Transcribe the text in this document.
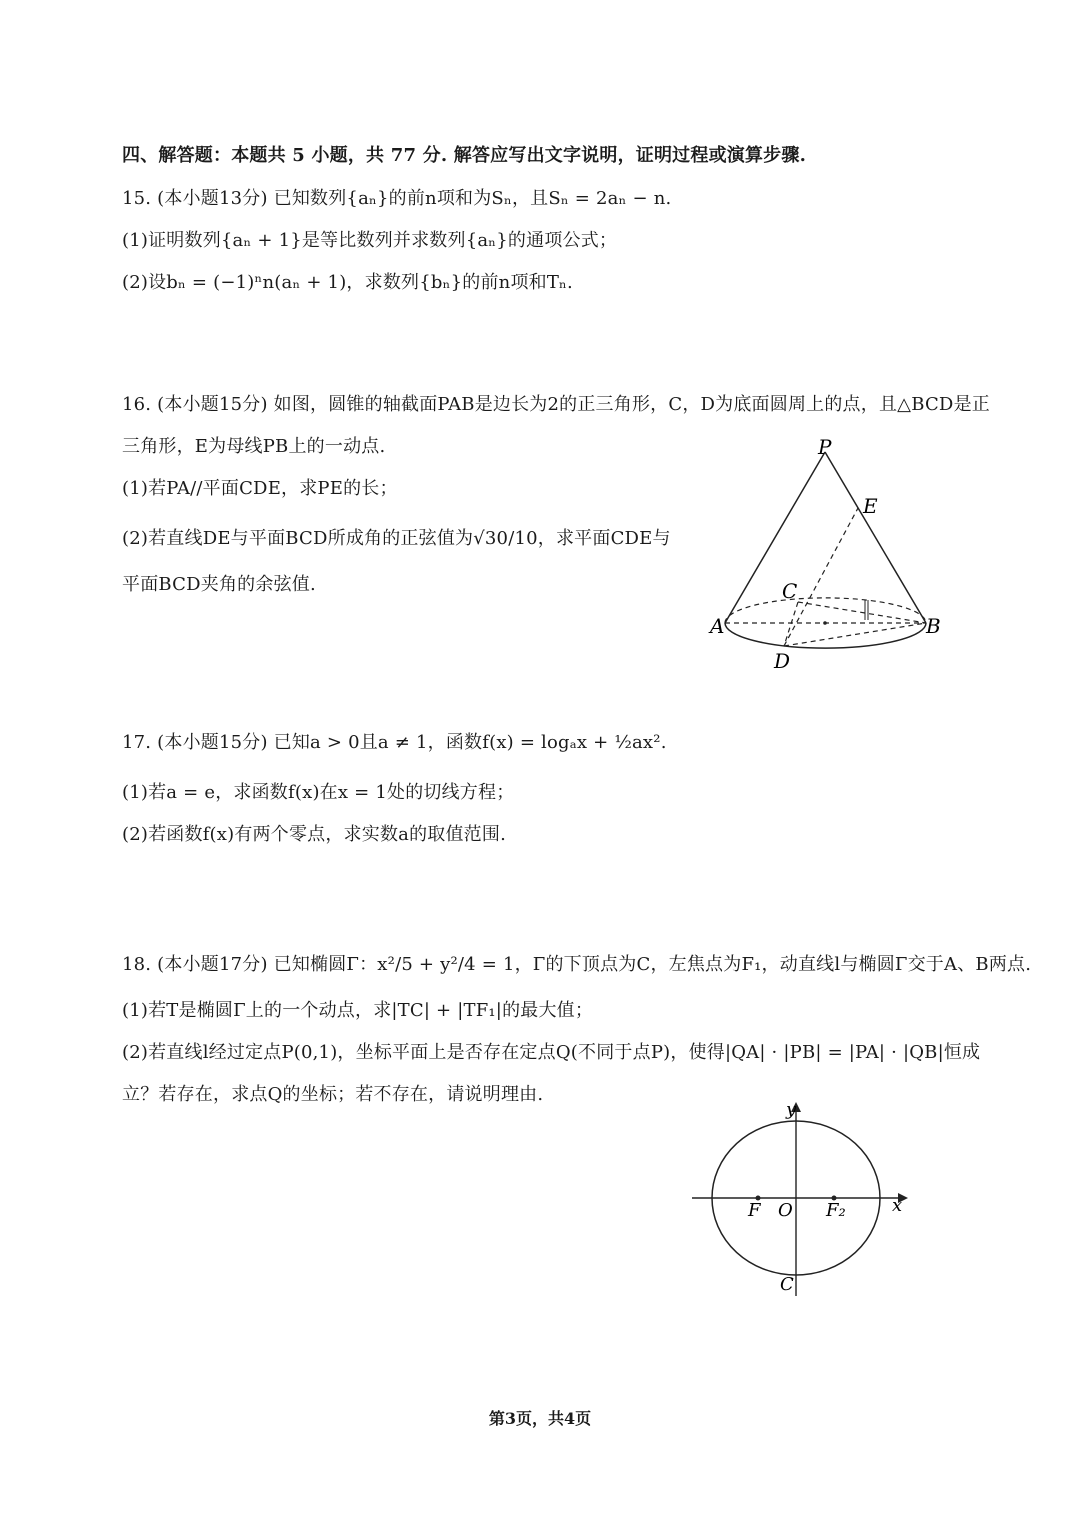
四、解答题：本题共 5 小题，共 77 分. 解答应写出文字说明，证明过程或演算步骤.
15. (本小题13分) 已知数列{aₙ}的前n项和为Sₙ，且Sₙ = 2aₙ − n.
(1)证明数列{aₙ + 1}是等比数列并求数列{aₙ}的通项公式；
(2)设bₙ = (−1)ⁿn(aₙ + 1)，求数列{bₙ}的前n项和Tₙ.
16. (本小题15分) 如图，圆锥的轴截面PAB是边长为2的正三角形，C，D为底面圆周上的点，且△BCD是正
三角形，E为母线PB上的一动点.
(1)若PA//平面CDE，求PE的长；
(2)若直线DE与平面BCD所成角的正弦值为√30/10，求平面CDE与
平面BCD夹角的余弦值.
P
E
C
A	B
D
17. (本小题15分) 已知a > 0且a ≠ 1，函数f(x) = logₐx + ½ax².
(1)若a = e，求函数f(x)在x = 1处的切线方程；
(2)若函数f(x)有两个零点，求实数a的取值范围.
18. (本小题17分) 已知椭圆Γ：x²/5 + y²/4 = 1，Γ的下顶点为C，左焦点为F₁，动直线l与椭圆Γ交于A、B两点.
(1)若T是椭圆Γ上的一个动点，求|TC| + |TF₁|的最大值；
(2)若直线l经过定点P(0,1)，坐标平面上是否存在定点Q(不同于点P)，使得|QA| · |PB| = |PA| · |QB|恒成
立？若存在，求点Q的坐标；若不存在，请说明理由.
y
x
O
F	F₂
C
第3页，共4页
